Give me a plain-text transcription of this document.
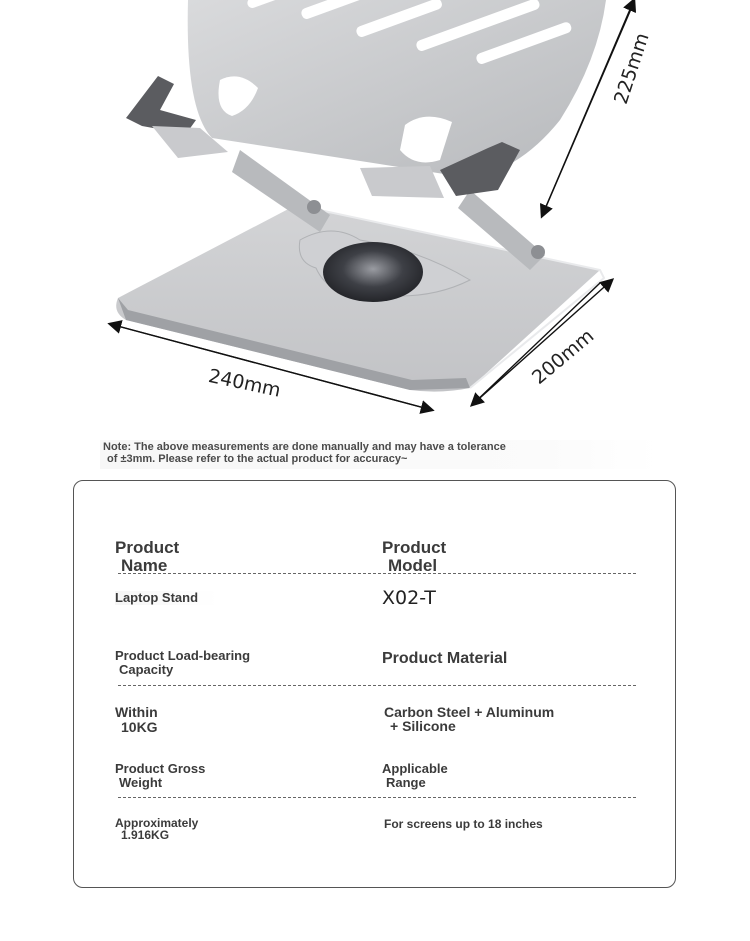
225mm
240mm	200mm
Note: The above measurements are done manually and may have a tolerance
of ±3mm. Please refer to the actual product for accuracy~
Product
Name
Product
Model
Laptop Stand	X02-T
Product Load-bearing
Capacity
Product Material
Within
10KG
Carbon Steel + Aluminum
+ Silicone
Product Gross
Weight
Applicable
Range
Approximately
1.916KG
For screens up to 18 inches
